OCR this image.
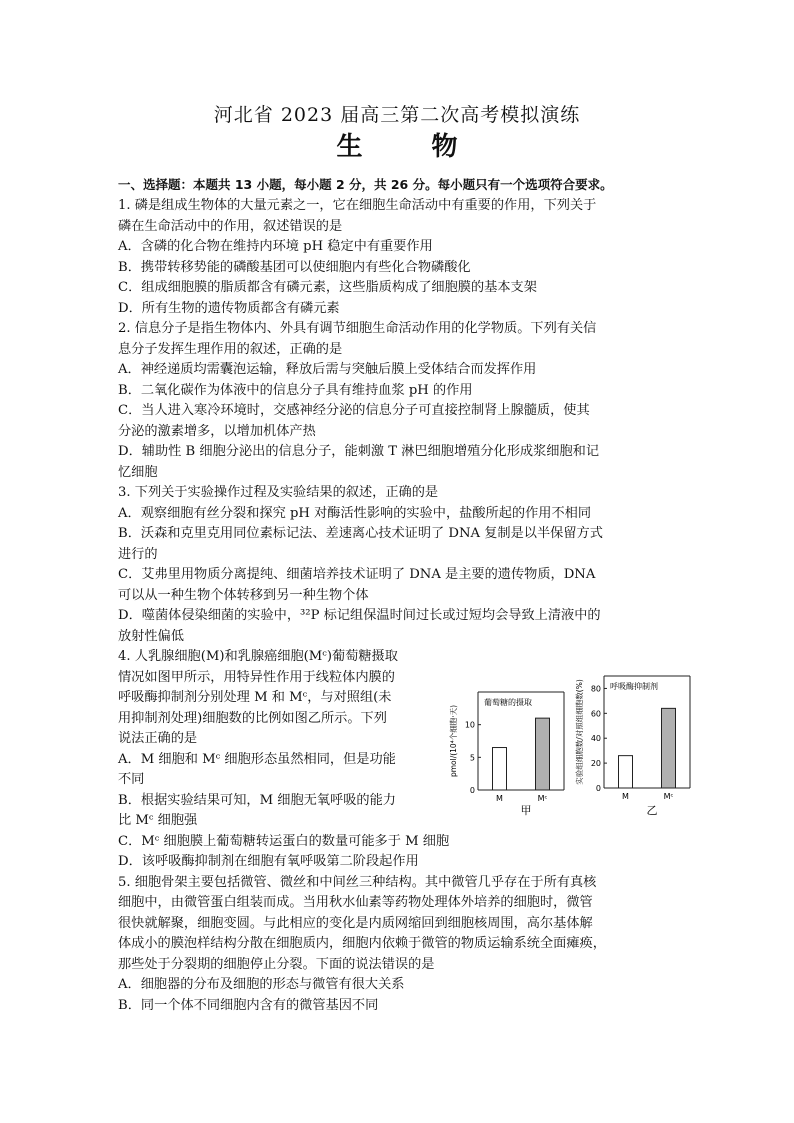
河北省 2023 届高三第二次高考模拟演练
生 物
一、选择题：本题共 13 小题，每小题 2 分，共 26 分。每小题只有一个选项符合要求。
1. 磷是组成生物体的大量元素之一，它在细胞生命活动中有重要的作用，下列关于
磷在生命活动中的作用，叙述错误的是
A．含磷的化合物在维持内环境 pH 稳定中有重要作用
B．携带转移势能的磷酸基团可以使细胞内有些化合物磷酸化
C．组成细胞膜的脂质都含有磷元素，这些脂质构成了细胞膜的基本支架
D．所有生物的遗传物质都含有磷元素
2. 信息分子是指生物体内、外具有调节细胞生命活动作用的化学物质。下列有关信
息分子发挥生理作用的叙述，正确的是
A．神经递质均需囊泡运输，释放后需与突触后膜上受体结合而发挥作用
B．二氧化碳作为体液中的信息分子具有维持血浆 pH 的作用
C．当人进入寒冷环境时，交感神经分泌的信息分子可直接控制肾上腺髓质，使其
分泌的激素增多，以增加机体产热
D．辅助性 B 细胞分泌出的信息分子，能刺激 T 淋巴细胞增殖分化形成浆细胞和记
忆细胞
3. 下列关于实验操作过程及实验结果的叙述，正确的是
A．观察细胞有丝分裂和探究 pH 对酶活性影响的实验中，盐酸所起的作用不相同
B．沃森和克里克用同位素标记法、差速离心技术证明了 DNA 复制是以半保留方式
进行的
C．艾弗里用物质分离提纯、细菌培养技术证明了 DNA 是主要的遗传物质，DNA
可以从一种生物个体转移到另一种生物个体
D．噬菌体侵染细菌的实验中，³²P 标记组保温时间过长或过短均会导致上清液中的
放射性偏低
4. 人乳腺细胞(M)和乳腺癌细胞(Mᶜ)葡萄糖摄取
情况如图甲所示，用特异性作用于线粒体内膜的
呼吸酶抑制剂分别处理 M 和 Mᶜ，与对照组(未
用抑制剂处理)细胞数的比例如图乙所示。下列
说法正确的是
A．M 细胞和 Mᶜ 细胞形态虽然相同，但是功能
不同
B．根据实验结果可知，M 细胞无氧呼吸的能力
比 Mᶜ 细胞强
C．Mᶜ 细胞膜上葡萄糖转运蛋白的数量可能多于 M 细胞
D．该呼吸酶抑制剂在细胞有氧呼吸第二阶段起作用
5. 细胞骨架主要包括微管、微丝和中间丝三种结构。其中微管几乎存在于所有真核
细胞中，由微管蛋白组装而成。当用秋水仙素等药物处理体外培养的细胞时，微管
很快就解聚，细胞变圆。与此相应的变化是内质网缩回到细胞核周围，高尔基体解
体成小的膜泡样结构分散在细胞质内，细胞内依赖于微管的物质运输系统全面瘫痪，
那些处于分裂期的细胞停止分裂。下面的说法错误的是
A．细胞器的分布及细胞的形态与微管有很大关系
B．同一个体不同细胞内含有的微管基因不同
0
5
10
葡萄糖的摄取
pmol/(10⁴个细胞·天)
M	Mᶜ
甲
0
20
40
60
80 呼吸酶抑制剂
实验组细胞数/对照组细胞数(%)
M	Mᶜ
乙
